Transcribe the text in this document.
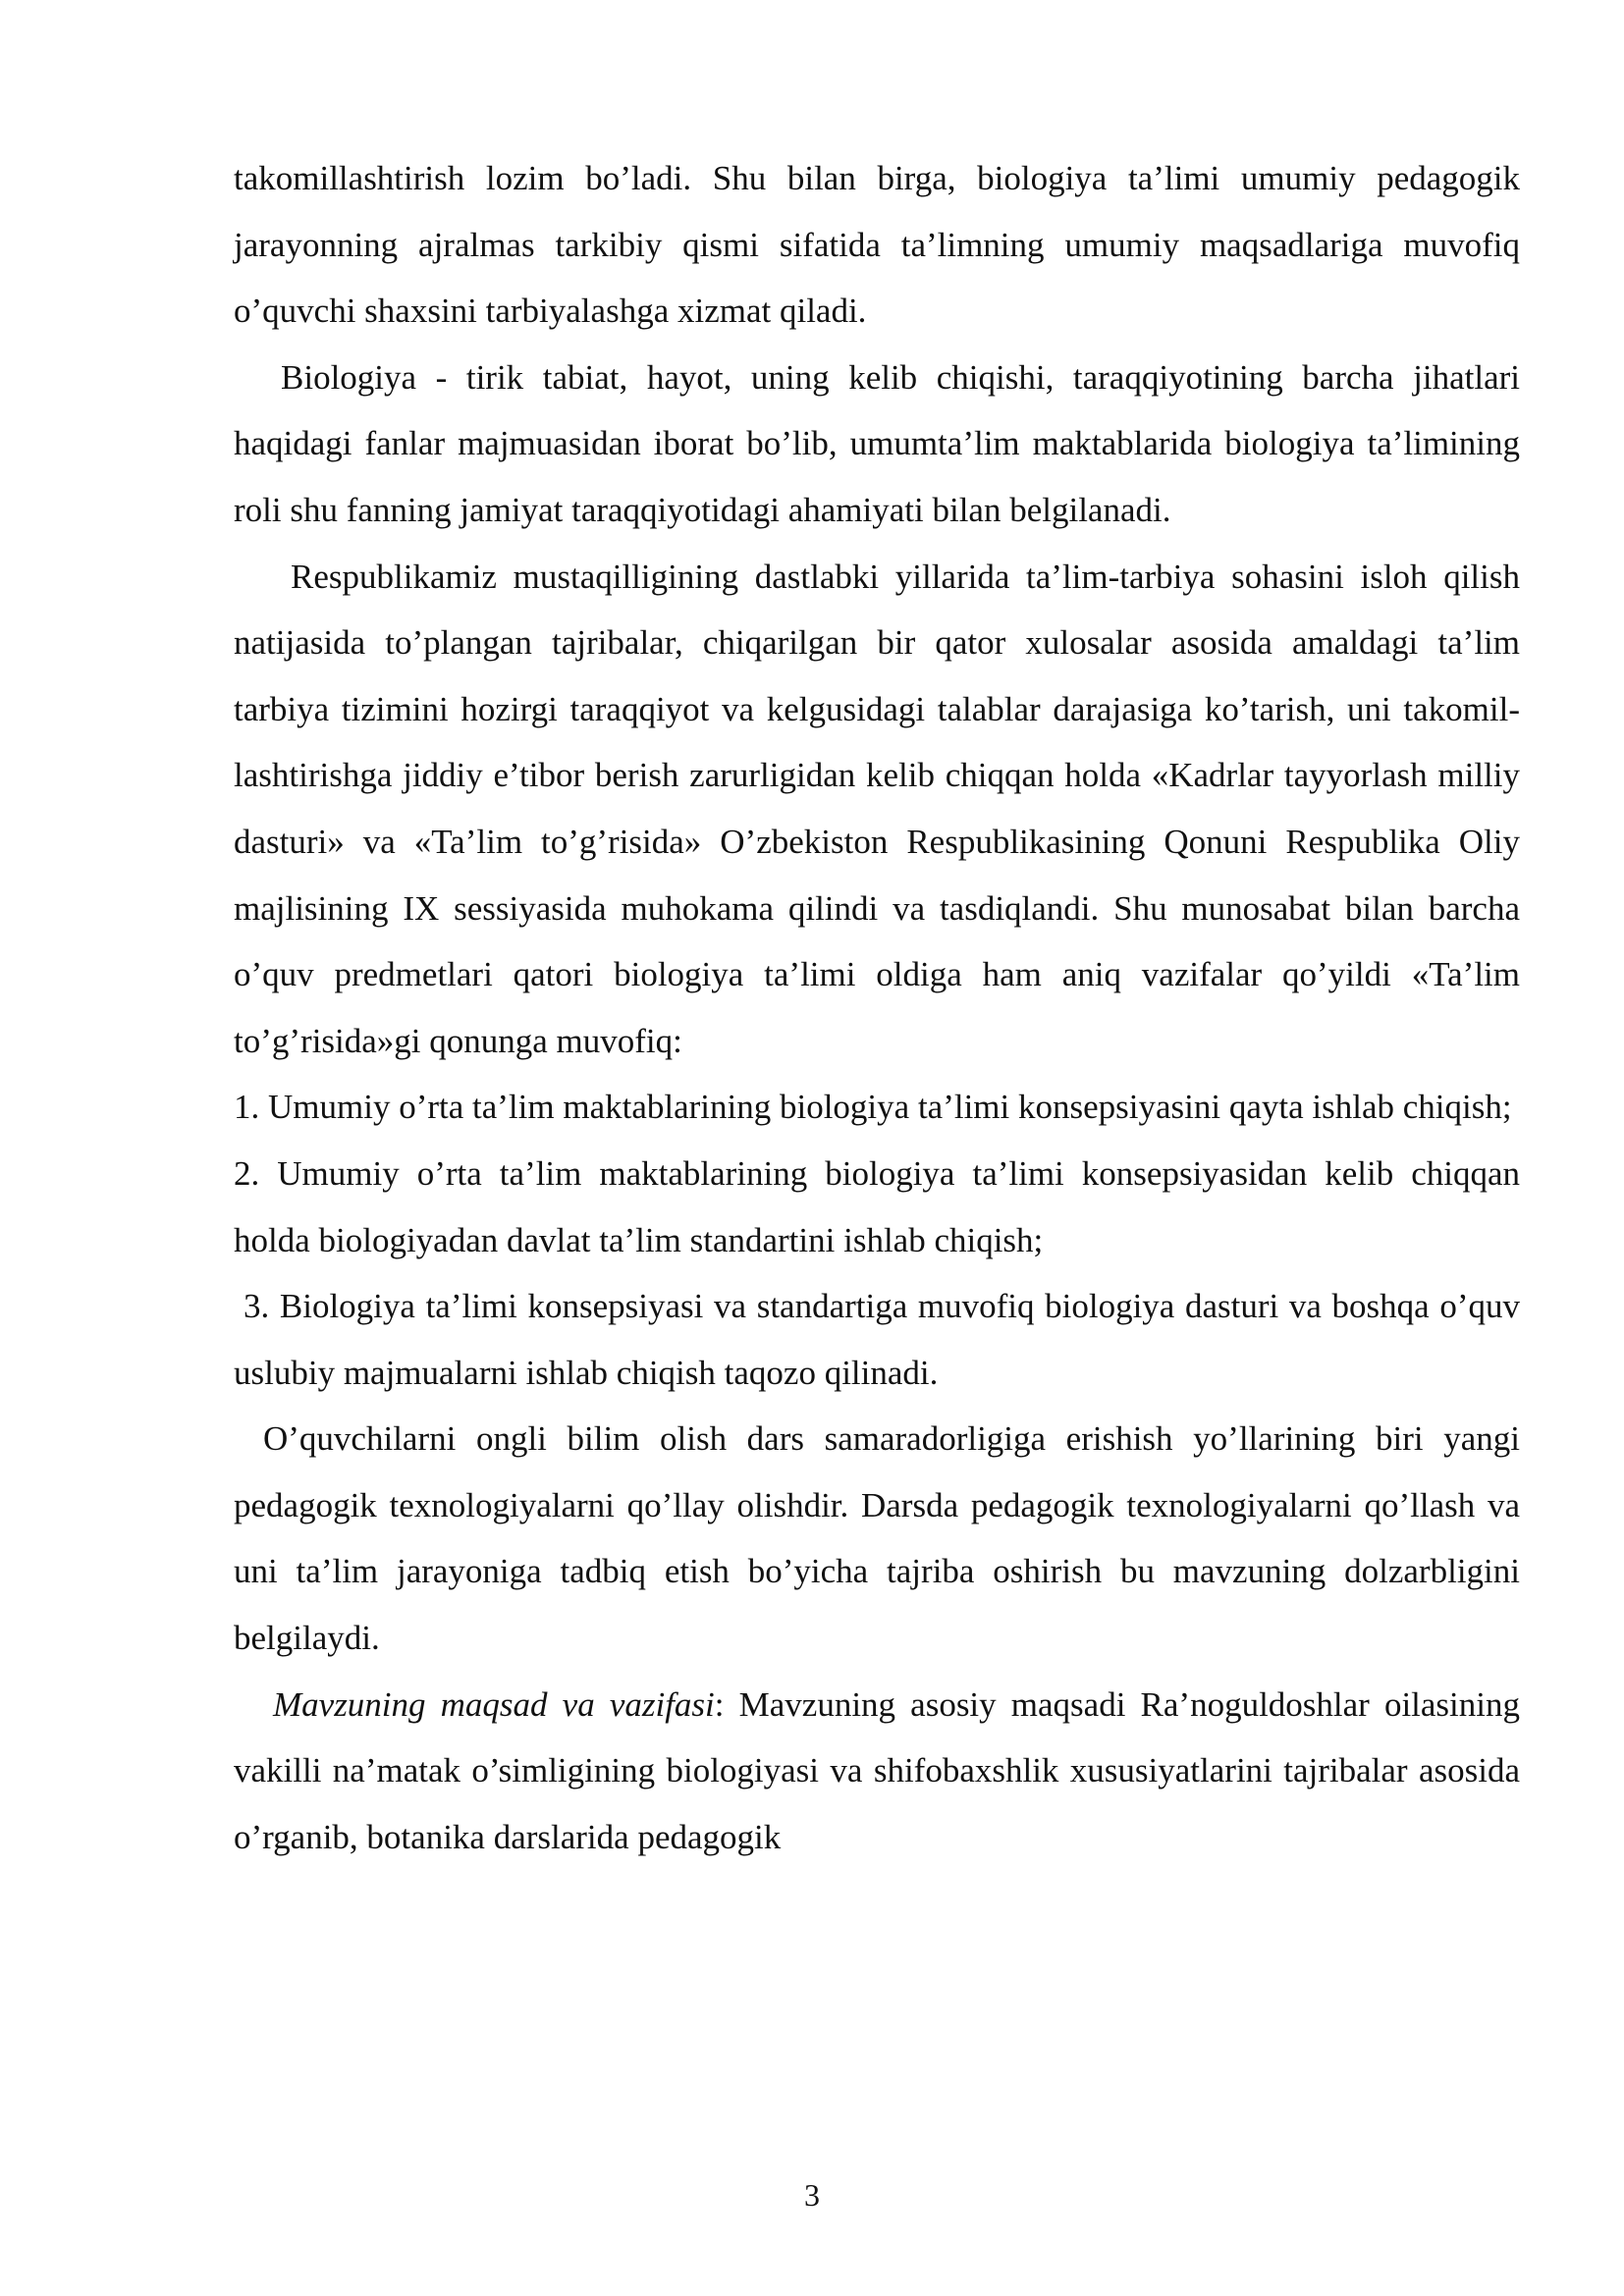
takomillashtirish lozim bo’ladi. Shu bilan birga, biologiya ta’limi umumiy pedagogik jarayonning ajralmas tarkibiy qismi sifatida ta’limning umumiy maqsadlariga muvofiq o’quvchi shaxsini tarbiyalashga xizmat qiladi.

Biologiya - tirik tabiat, hayot, uning kelib chiqishi, taraqqiyotining barcha jihatlari haqidagi fanlar majmuasidan iborat bo’lib, umumta’lim maktablarida biologiya ta’limining roli shu fanning jamiyat taraqqiyotidagi ahamiyati bilan belgilanadi.

Respublikamiz mustaqilligining dastlabki yillarida ta’lim-tarbiya sohasini isloh qilish natijasida to’plangan tajribalar, chiqarilgan bir qator xulosalar asosida amaldagi ta’lim tarbiya tizimini hozirgi taraqqiyot va kelgusidagi talablar darajasiga ko’tarish, uni takomil-lashtirishga jiddiy e’tibor berish zarurligidan kelib chiqqan holda «Kadrlar tayyorlash milliy dasturi» va «Ta’lim to’g’risida» O’zbekiston Respublikasining Qonuni Respublika Oliy majlisining IX sessiyasida muhokama qilindi va tasdiqlandi. Shu munosabat bilan barcha o’quv predmetlari qatori biologiya ta’limi oldiga ham aniq vazifalar qo’yildi «Ta’lim to’g’risida»gi qonunga muvofiq:

1. Umumiy o’rta ta’lim maktablarining biologiya ta’limi konsepsiyasini qayta ishlab chiqish;

2. Umumiy o’rta ta’lim maktablarining biologiya ta’limi konsepsiyasidan kelib chiqqan holda biologiyadan davlat ta’lim standartini ishlab chiqish;

3. Biologiya ta’limi konsepsiyasi va standartiga muvofiq biologiya dasturi va boshqa o’quv uslubiy majmualarni ishlab chiqish taqozo qilinadi.

O’quvchilarni ongli bilim olish dars samaradorligiga erishish yo’llarining biri yangi pedagogik texnologiyalarni qo’llay olishdir. Darsda pedagogik texnologiyalarni qo’llash va uni ta’lim jarayoniga tadbiq etish bo’yicha tajriba oshirish bu mavzuning dolzarbligini belgilaydi.

Mavzuning maqsad va vazifasi: Mavzuning asosiy maqsadi Ra’noguldoshlar oilasining vakilli na’matak o’simligining biologiyasi va shifobaxshlik xususiyatlarini tajribalar asosida o’rganib, botanika darslarida pedagogik

3
